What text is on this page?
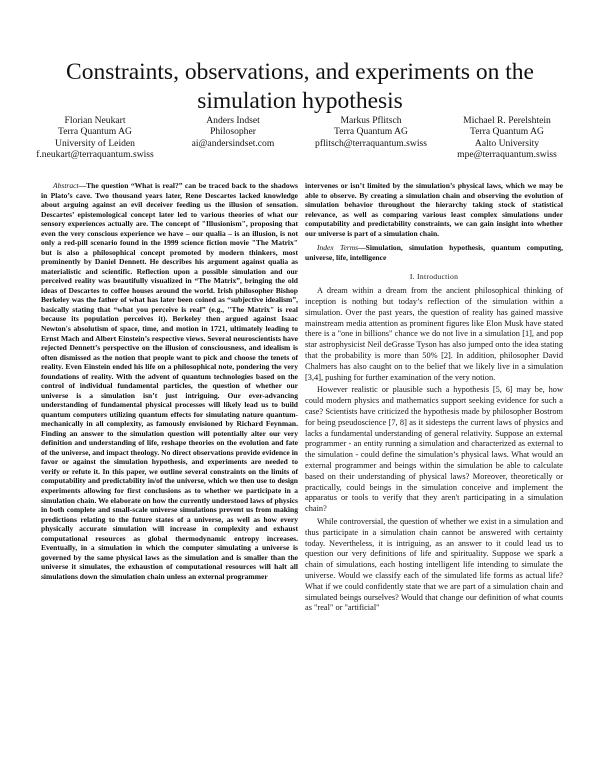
Constraints, observations, and experiments on the simulation hypothesis
Florian Neukart
Terra Quantum AG
University of Leiden
f.neukart@terraquantum.swiss
Anders Indset
Philosopher
ai@andersindset.com
Markus Pflitsch
Terra Quantum AG
pflitsch@terraquantum.swiss
Michael R. Perelshtein
Terra Quantum AG
Aalto University
mpe@terraquantum.swiss

Abstract—The question “What is real?” can be traced back to the shadows in Plato’s cave. Two thousand years later, Rene Descartes lacked knowledge about arguing against an evil deceiver feeding us the illusion of sensation. Descartes’ epistemological concept later led to various theories of what our sensory experiences actually are. The concept of "Illusionism", proposing that even the very conscious experience we have – our qualia – is an illusion, is not only a red-pill scenario found in the 1999 science fiction movie "The Matrix" but is also a philosophical concept promoted by modern thinkers, most prominently by Daniel Dennett. He describes his argument against qualia as materialistic and scientific. Reflection upon a possible simulation and our perceived reality was beautifully visualized in “The Matrix”, bringing the old ideas of Descartes to coffee houses around the world. Irish philosopher Bishop Berkeley was the father of what has later been coined as “subjective idealism”, basically stating that “what you perceive is real” (e.g., "The Matrix" is real because its population perceives it). Berkeley then argued against Isaac Newton's absolutism of space, time, and motion in 1721, ultimately leading to Ernst Mach and Albert Einstein’s respective views. Several neuroscientists have rejected Dennett’s perspective on the illusion of consciousness, and idealism is often dismissed as the notion that people want to pick and choose the tenets of reality. Even Einstein ended his life on a philosophical note, pondering the very foundations of reality. With the advent of quantum technologies based on the control of individual fundamental particles, the question of whether our universe is a simulation isn’t just intriguing. Our ever-advancing understanding of fundamental physical processes will likely lead us to build quantum computers utilizing quantum effects for simulating nature quantum-mechanically in all complexity, as famously envisioned by Richard Feynman. Finding an answer to the simulation question will potentially alter our very definition and understanding of life, reshape theories on the evolution and fate of the universe, and impact theology. No direct observations provide evidence in favor or against the simulation hypothesis, and experiments are needed to verify or refute it. In this paper, we outline several constraints on the limits of computability and predictability in/of the universe, which we then use to design experiments allowing for first conclusions as to whether we participate in a simulation chain. We elaborate on how the currently understood laws of physics in both complete and small-scale universe simulations prevent us from making predictions relating to the future states of a universe, as well as how every physically accurate simulation will increase in complexity and exhaust computational resources as global thermodynamic entropy increases. Eventually, in a simulation in which the computer simulating a universe is governed by the same physical laws as the simulation and is smaller than the universe it simulates, the exhaustion of computational resources will halt all simulations down the simulation chain unless an external programmer

intervenes or isn’t limited by the simulation’s physical laws, which we may be able to observe. By creating a simulation chain and observing the evolution of simulation behavior throughout the hierarchy taking stock of statistical relevance, as well as comparing various least complex simulations under computability and predictability constraints, we can gain insight into whether our universe is part of a simulation chain.

Index Terms—Simulation, simulation hypothesis, quantum computing, universe, life, intelligence

I. Introduction

A dream within a dream from the ancient philosophical thinking of inception is nothing but today’s reflection of the simulation within a simulation. Over the past years, the question of reality has gained massive mainstream media attention as prominent figures like Elon Musk have stated there is a "one in billions" chance we do not live in a simulation [1], and pop star astrophysicist Neil deGrasse Tyson has also jumped onto the idea stating that the probability is more than 50% [2]. In addition, philosopher David Chalmers has also caught on to the belief that we likely live in a simulation [3,4], pushing for further examination of the very notion.

However realistic or plausible such a hypothesis [5, 6] may be, how could modern physics and mathematics support seeking evidence for such a case? Scientists have criticized the hypothesis made by philosopher Bostrom for being pseudoscience [7, 8] as it sidesteps the current laws of physics and lacks a fundamental understanding of general relativity. Suppose an external programmer - an entity running a simulation and characterized as external to the simulation - could define the simulation’s physical laws. What would an external programmer and beings within the simulation be able to calculate based on their understanding of physical laws? Moreover, theoretically or practically, could beings in the simulation conceive and implement the apparatus or tools to verify that they aren't participating in a simulation chain?

While controversial, the question of whether we exist in a simulation and thus participate in a simulation chain cannot be answered with certainty today. Nevertheless, it is intriguing, as an answer to it could lead us to question our very definitions of life and spirituality. Suppose we spark a chain of simulations, each hosting intelligent life intending to simulate the universe. Would we classify each of the simulated life forms as actual life? What if we could confidently state that we are part of a simulation chain and simulated beings ourselves? Would that change our definition of what counts as "real" or "artificial"
